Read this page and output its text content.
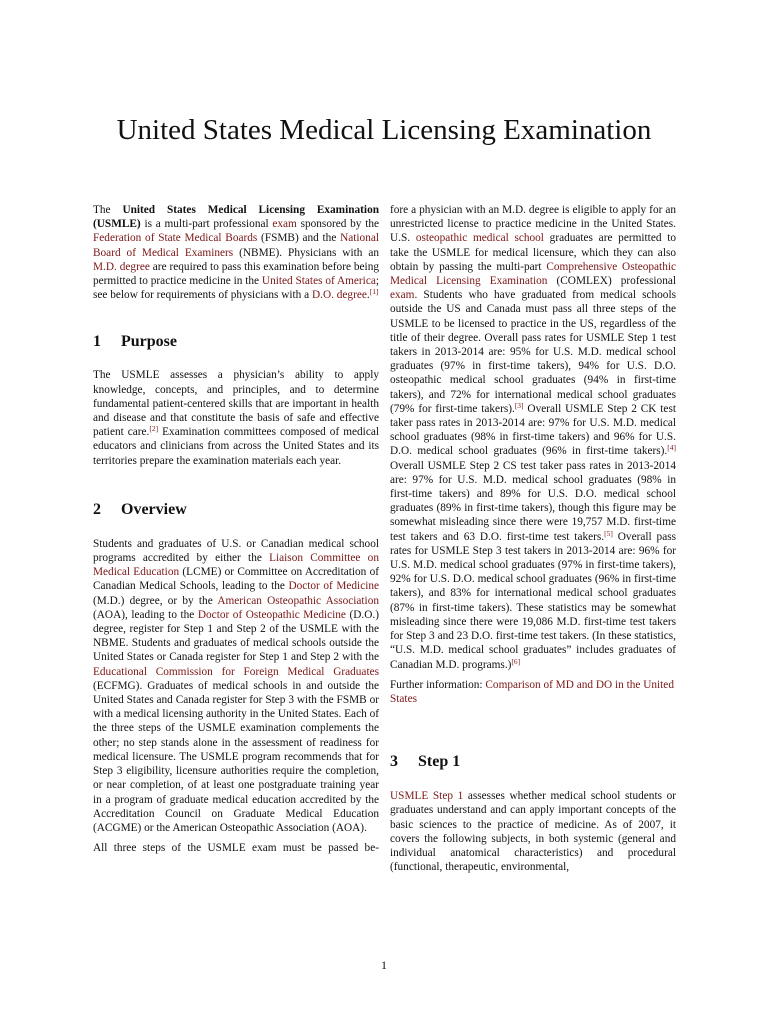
United States Medical Licensing Examination

The United States Medical Licensing Examination (USMLE) is a multi-part professional exam sponsored by the Federation of State Medical Boards (FSMB) and the National Board of Medical Examiners (NBME). Physicians with an M.D. degree are required to pass this examination before being permitted to practice medicine in the United States of America; see below for requirements of physicians with a D.O. degree.[1]

1 Purpose

The USMLE assesses a physician’s ability to apply knowledge, concepts, and principles, and to determine fundamental patient-centered skills that are important in health and disease and that constitute the basis of safe and effective patient care.[2] Examination committees composed of medical educators and clinicians from across the United States and its territories prepare the examination materials each year.

2 Overview

Students and graduates of U.S. or Canadian medical school programs accredited by either the Liaison Committee on Medical Education (LCME) or Committee on Accreditation of Canadian Medical Schools, leading to the Doctor of Medicine (M.D.) degree, or by the American Osteopathic Association (AOA), leading to the Doctor of Osteopathic Medicine (D.O.) degree, register for Step 1 and Step 2 of the USMLE with the NBME. Students and graduates of medical schools outside the United States or Canada register for Step 1 and Step 2 with the Educational Commission for Foreign Medical Graduates (ECFMG). Graduates of medical schools in and outside the United States and Canada register for Step 3 with the FSMB or with a medical licensing authority in the United States. Each of the three steps of the USMLE examination complements the other; no step stands alone in the assessment of readiness for medical licensure. The USMLE program recommends that for Step 3 eligibility, licensure authorities require the completion, or near completion, of at least one postgraduate training year in a program of graduate medical education accredited by the Accreditation Council on Graduate Medical Education (ACGME) or the American Osteopathic Association (AOA).

All three steps of the USMLE exam must be passed be-

fore a physician with an M.D. degree is eligible to apply for an unrestricted license to practice medicine in the United States. U.S. osteopathic medical school graduates are permitted to take the USMLE for medical licensure, which they can also obtain by passing the multi-part Comprehensive Osteopathic Medical Licensing Examination (COMLEX) professional exam. Students who have graduated from medical schools outside the US and Canada must pass all three steps of the USMLE to be licensed to practice in the US, regardless of the title of their degree. Overall pass rates for USMLE Step 1 test takers in 2013-2014 are: 95% for U.S. M.D. medical school graduates (97% in first-time takers), 94% for U.S. D.O. osteopathic medical school graduates (94% in first-time takers), and 72% for international medical school graduates (79% for first-time takers).[3] Overall USMLE Step 2 CK test taker pass rates in 2013-2014 are: 97% for U.S. M.D. medical school graduates (98% in first-time takers) and 96% for U.S. D.O. medical school graduates (96% in first-time takers).[4] Overall USMLE Step 2 CS test taker pass rates in 2013-2014 are: 97% for U.S. M.D. medical school graduates (98% in first-time takers) and 89% for U.S. D.O. medical school graduates (89% in first-time takers), though this figure may be somewhat misleading since there were 19,757 M.D. first-time test takers and 63 D.O. first-time test takers.[5] Overall pass rates for USMLE Step 3 test takers in 2013-2014 are: 96% for U.S. M.D. medical school graduates (97% in first-time takers), 92% for U.S. D.O. medical school graduates (96% in first-time takers), and 83% for international medical school graduates (87% in first-time takers). These statistics may be somewhat misleading since there were 19,086 M.D. first-time test takers for Step 3 and 23 D.O. first-time test takers. (In these statistics, “U.S. M.D. medical school graduates” includes graduates of Canadian M.D. programs.)[6]

Further information: Comparison of MD and DO in the United States

3 Step 1

USMLE Step 1 assesses whether medical school students or graduates understand and can apply important concepts of the basic sciences to the practice of medicine. As of 2007, it covers the following subjects, in both systemic (general and individual anatomical characteristics) and procedural (functional, therapeutic, environmental,

1
